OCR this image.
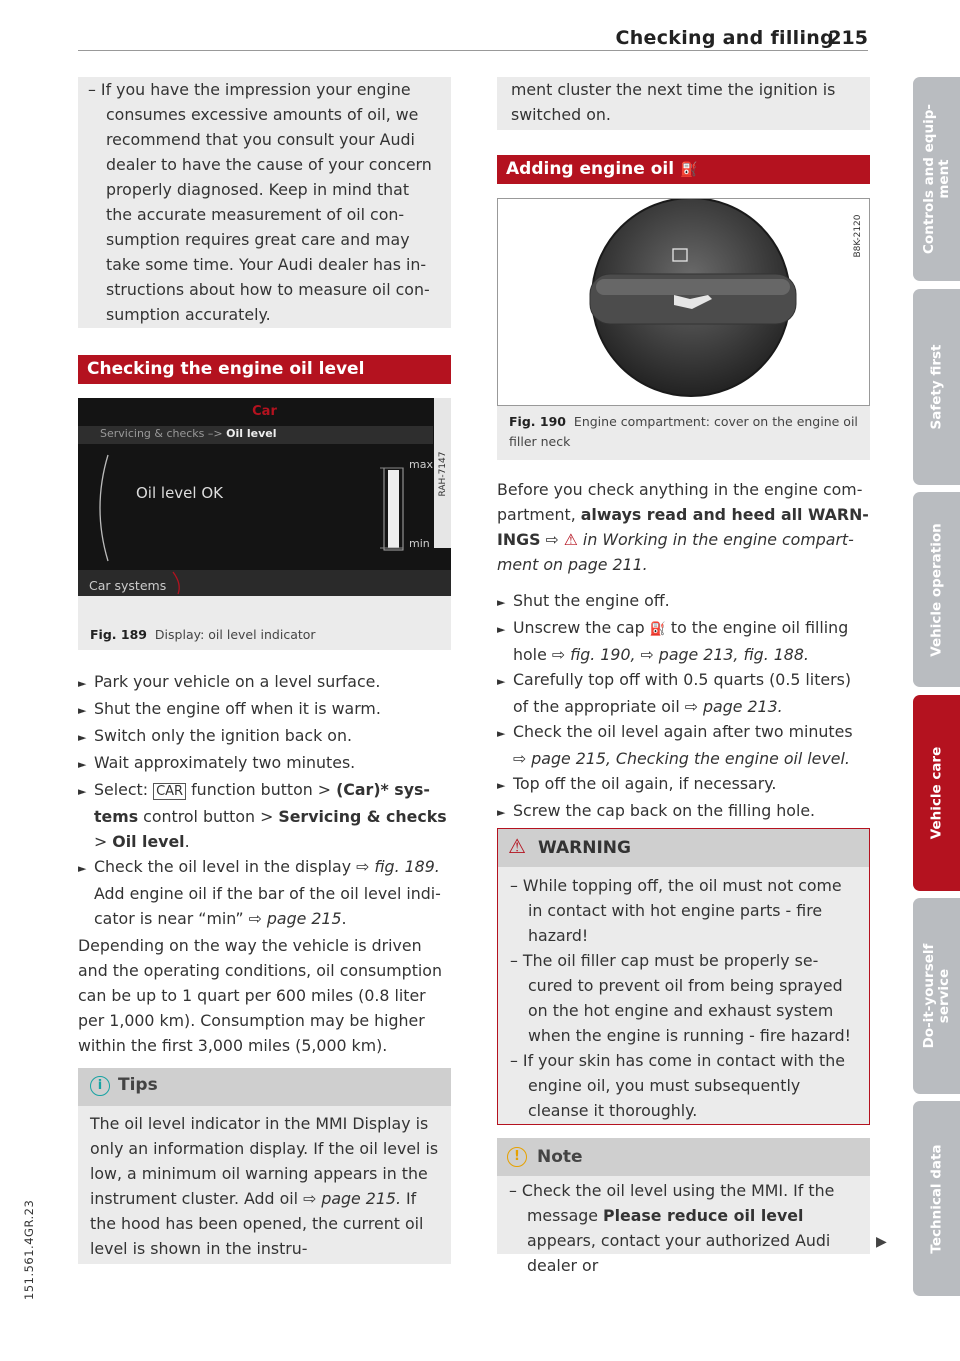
Checking and filling
215
151.561.4GR.23
Controls and equip-
ment
Safety first
Vehicle operation
Vehicle care
Do-it-yourself
service
Technical data
– If you have the impression your engine consumes excessive amounts of oil, we recommend that you consult your Audi dealer to have the cause of your concern properly diagnosed. Keep in mind that the accurate measurement of oil con-sumption requires great care and may take some time. Your Audi dealer has in-structions about how to measure oil con-sumption accurately.
Checking the engine oil level
Car
Servicing & checks –> Oil level
Oil level OK
max
min
Car systems
RAH-7147
Fig. 189 Display: oil level indicator
► Park your vehicle on a level surface.
► Shut the engine off when it is warm.
► Switch only the ignition back on.
► Wait approximately two minutes.
► Select: CAR function button > (Car)* sys-tems control button > Servicing & checks > Oil level.
► Check the oil level in the display ⇨ fig. 189. Add engine oil if the bar of the oil level indi-cator is near “min” ⇨ page 215.
Depending on the way the vehicle is driven and the operating conditions, oil consumption can be up to 1 quart per 600 miles (0.8 liter per 1,000 km). Consumption may be higher within the first 3,000 miles (5,000 km).
i Tips
The oil level indicator in the MMI Display is only an information display. If the oil level is low, a minimum oil warning appears in the instrument cluster. Add oil ⇨ page 215. If the hood has been opened, the current oil level is shown in the instru-
ment cluster the next time the ignition is switched on.
Adding engine oil ⛽
B8K-2120
Fig. 190 Engine compartment: cover on the engine oil filler neck
Before you check anything in the engine com-partment, always read and heed all WARN-INGS ⇨ ⚠ in Working in the engine compart-ment on page 211.
► Shut the engine off.
► Unscrew the cap ⛽ to the engine oil filling hole ⇨ fig. 190, ⇨ page 213, fig. 188.
► Carefully top off with 0.5 quarts (0.5 liters) of the appropriate oil ⇨ page 213.
► Check the oil level again after two minutes ⇨ page 215, Checking the engine oil level.
► Top off the oil again, if necessary.
► Screw the cap back on the filling hole.
⚠ WARNING
– While topping off, the oil must not come in contact with hot engine parts - fire hazard!
– The oil filler cap must be properly se-cured to prevent oil from being sprayed on the hot engine and exhaust system when the engine is running - fire hazard!
– If your skin has come in contact with the engine oil, you must subsequently cleanse it thoroughly.
!	Note
– Check the oil level using the MMI. If the message Please reduce oil level appears, contact your authorized Audi dealer or
▶
